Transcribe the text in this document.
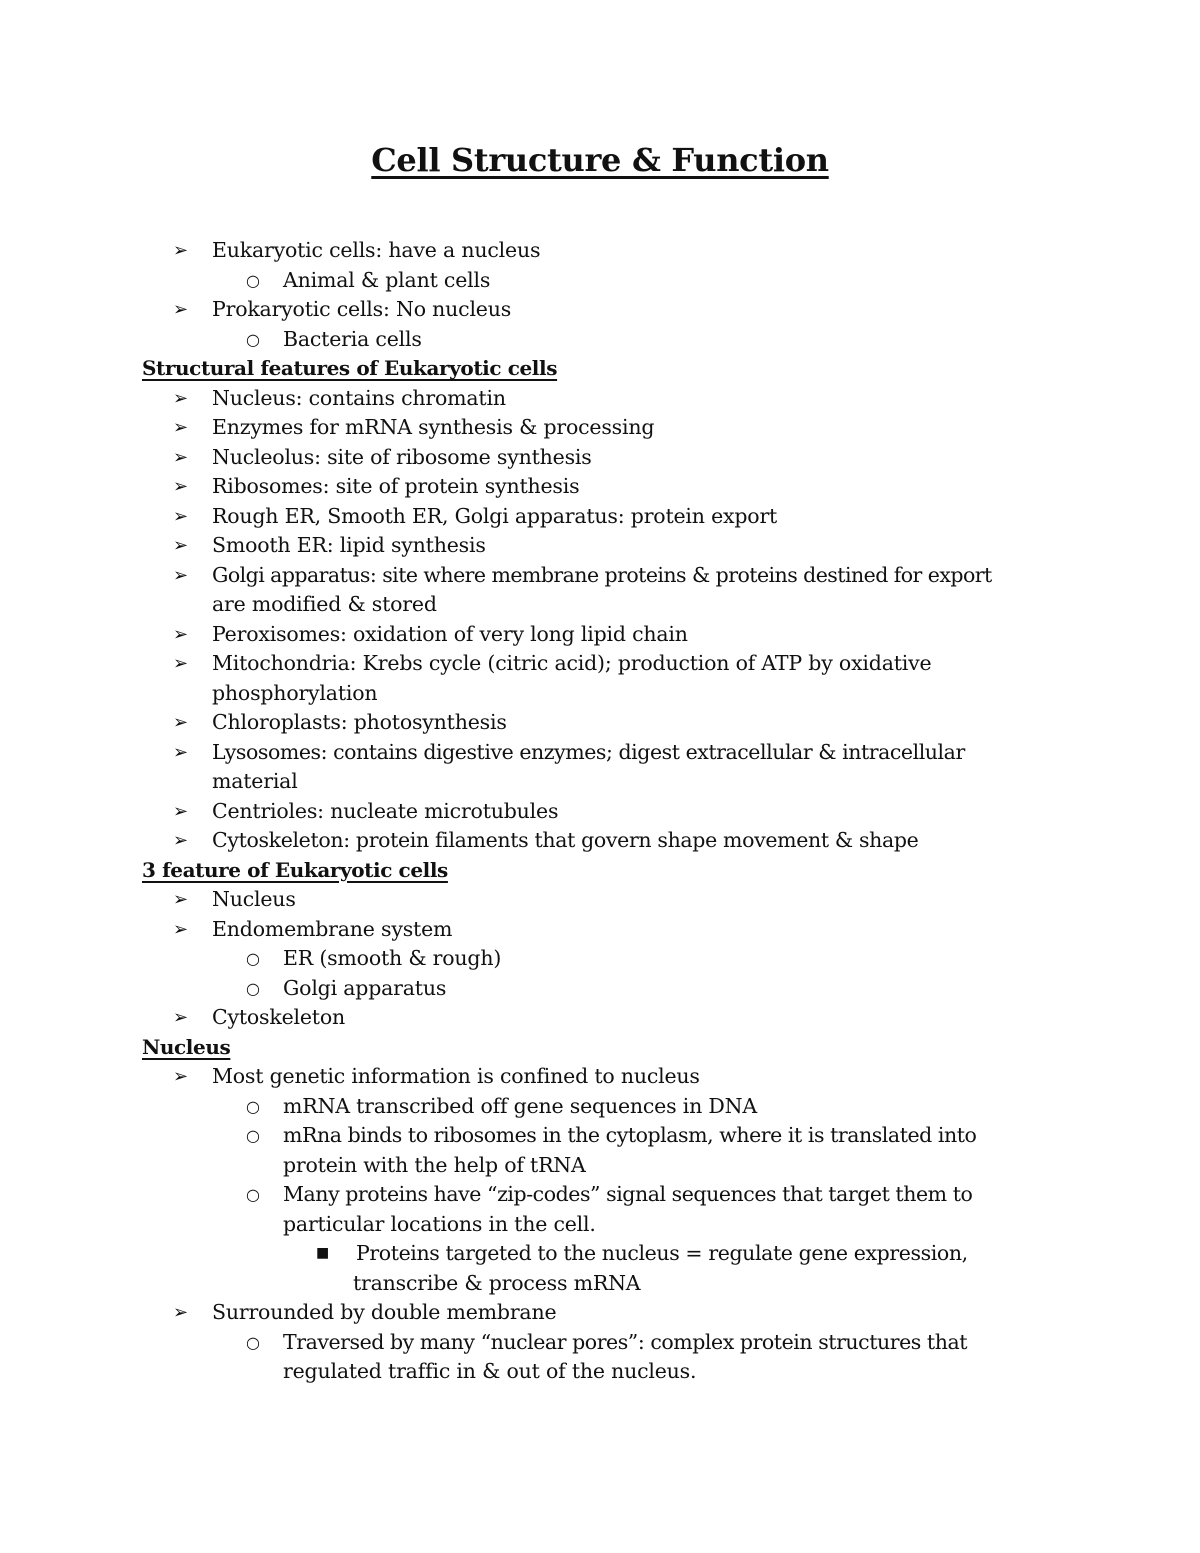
Cell Structure & Function
➢ Eukaryotic cells: have a nucleus
○ Animal & plant cells
➢ Prokaryotic cells: No nucleus
○ Bacteria cells
Structural features of Eukaryotic cells
➢ Nucleus: contains chromatin
➢ Enzymes for mRNA synthesis & processing
➢ Nucleolus: site of ribosome synthesis
➢ Ribosomes: site of protein synthesis
➢ Rough ER, Smooth ER, Golgi apparatus: protein export
➢ Smooth ER: lipid synthesis
➢ Golgi apparatus: site where membrane proteins & proteins destined for export
are modified & stored
➢ Peroxisomes: oxidation of very long lipid chain
➢ Mitochondria: Krebs cycle (citric acid); production of ATP by oxidative
phosphorylation
➢ Chloroplasts: photosynthesis
➢ Lysosomes: contains digestive enzymes; digest extracellular & intracellular
material
➢ Centrioles: nucleate microtubules
➢ Cytoskeleton: protein filaments that govern shape movement & shape
3 feature of Eukaryotic cells
➢ Nucleus
➢ Endomembrane system
○ ER (smooth & rough)
○ Golgi apparatus
➢ Cytoskeleton
Nucleus
➢ Most genetic information is confined to nucleus
○ mRNA transcribed off gene sequences in DNA
○ mRna binds to ribosomes in the cytoplasm, where it is translated into
protein with the help of tRNA
○ Many proteins have “zip-codes” signal sequences that target them to
particular locations in the cell.
■ Proteins targeted to the nucleus = regulate gene expression,
transcribe & process mRNA
➢ Surrounded by double membrane
○ Traversed by many “nuclear pores”: complex protein structures that
regulated traffic in & out of the nucleus.
